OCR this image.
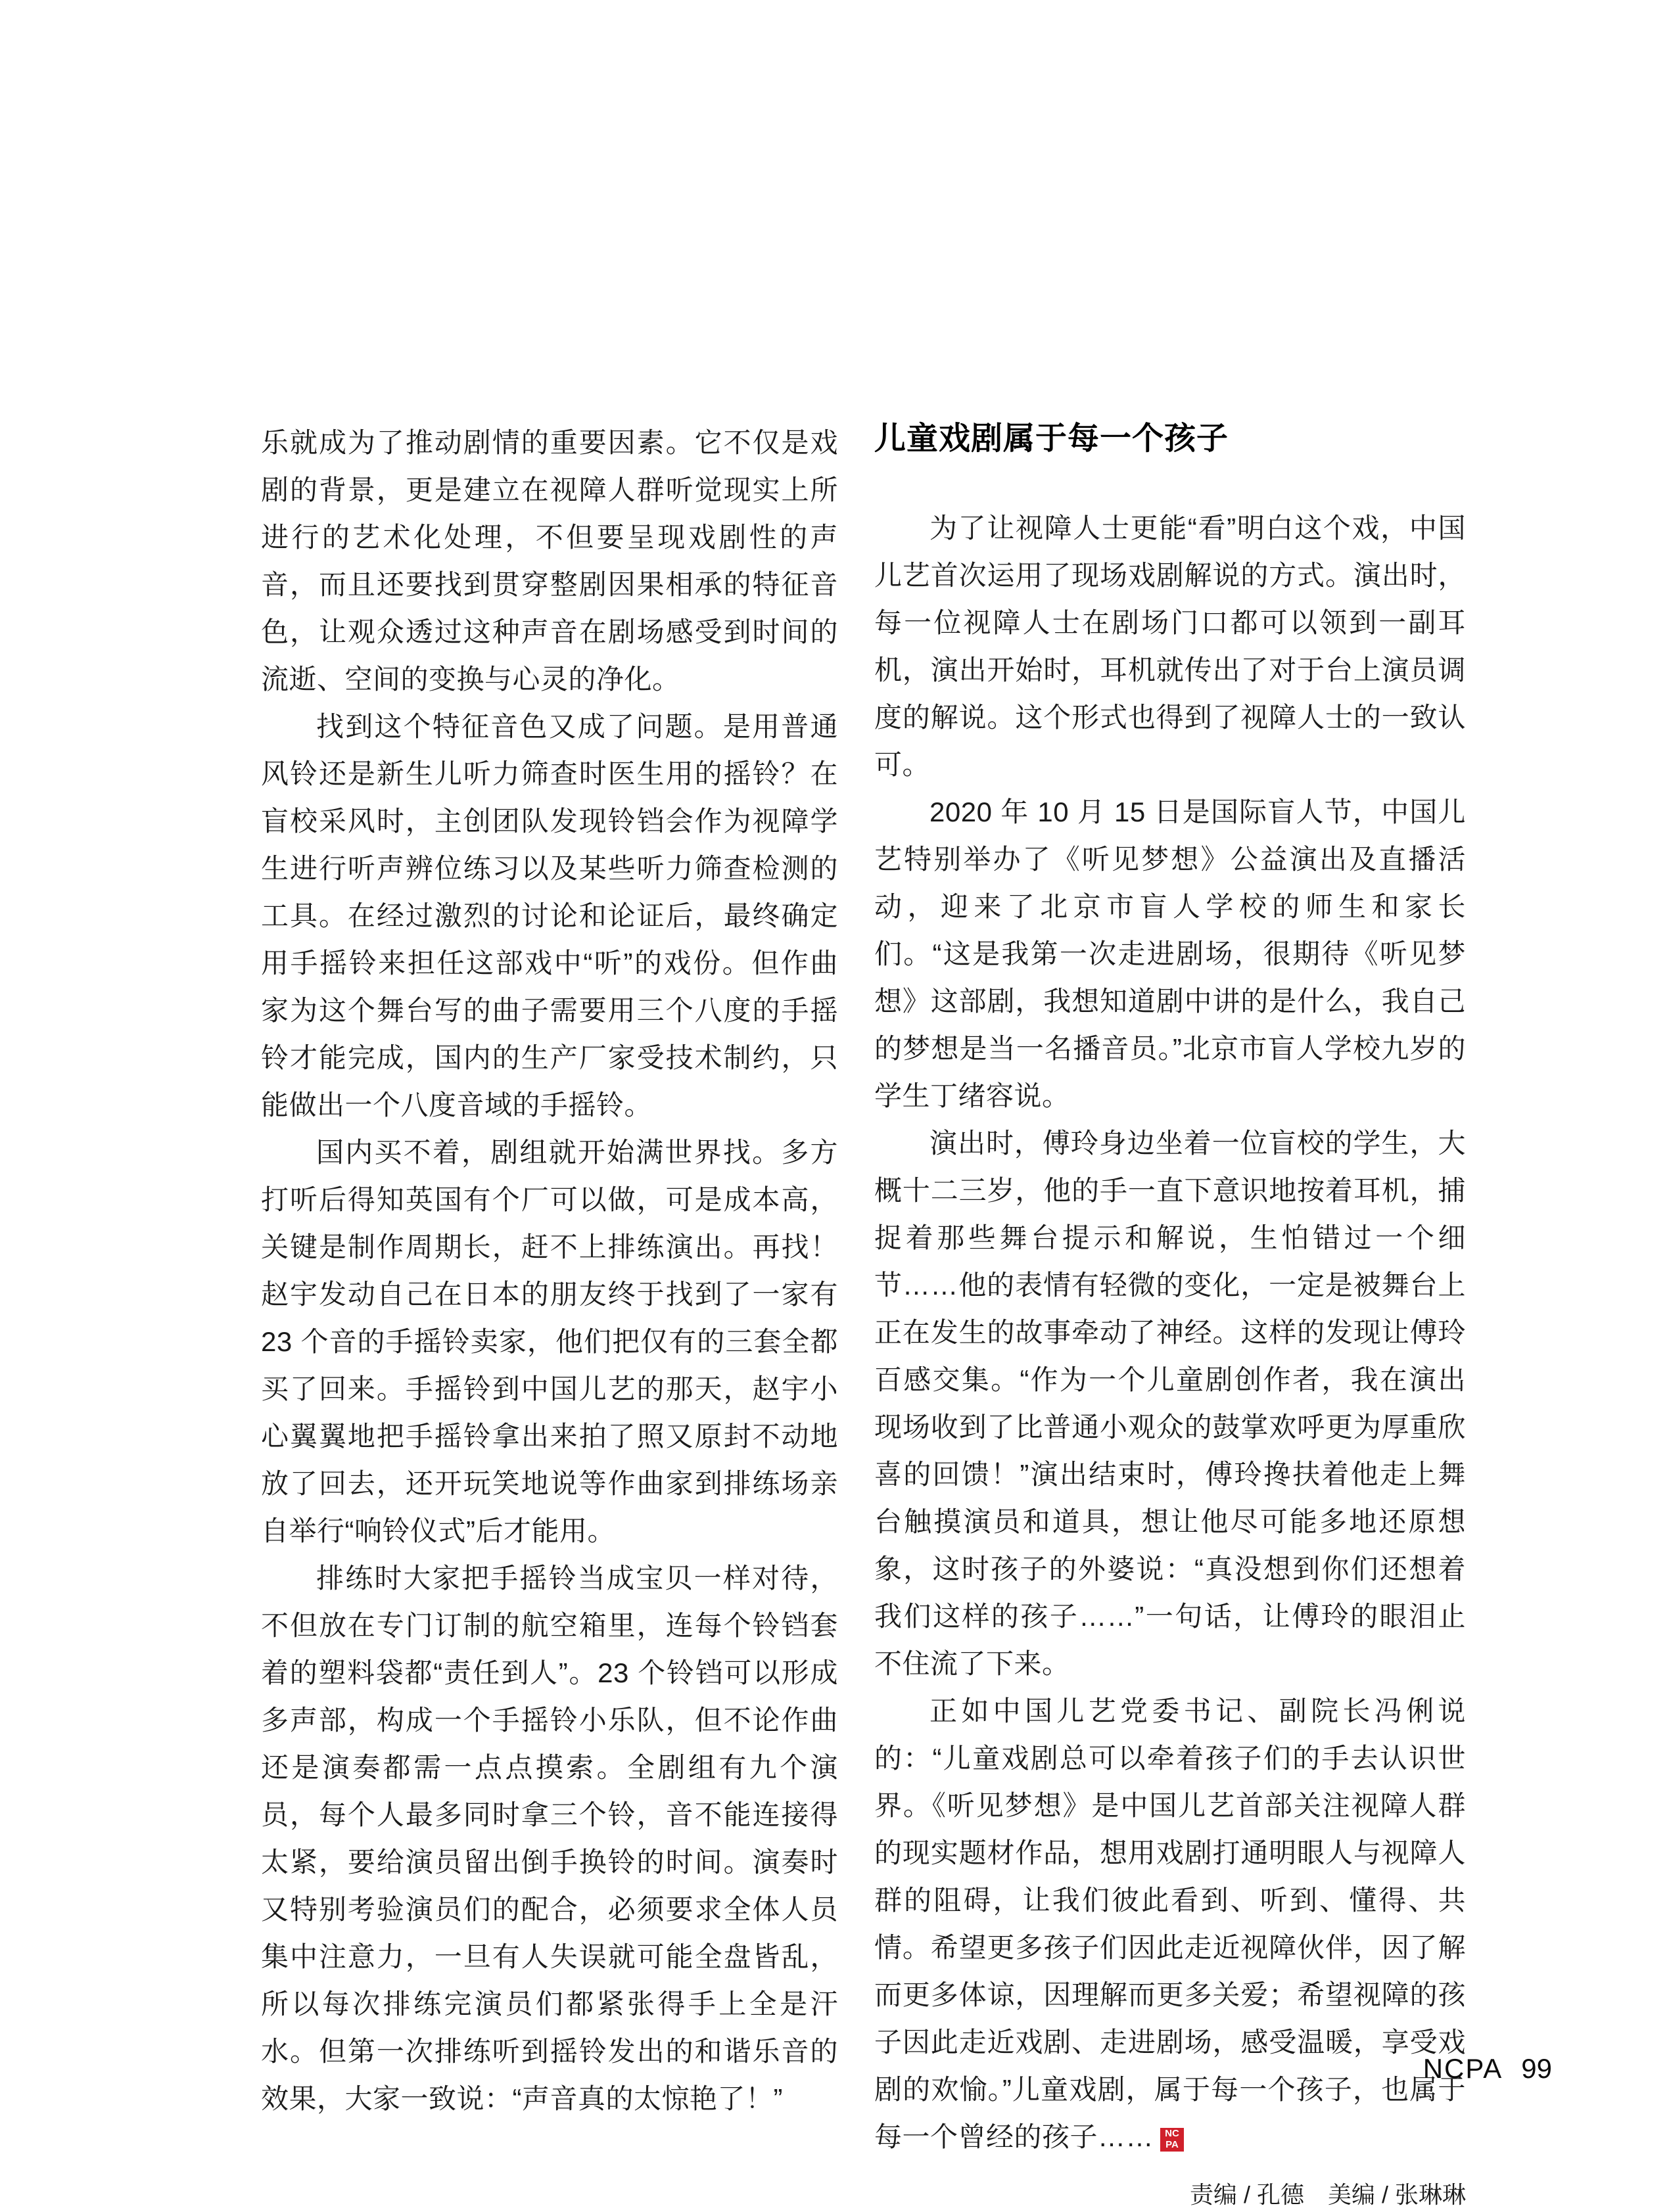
乐就成为了推动剧情的重要因素。它不仅是戏剧的背景，更是建立在视障人群听觉现实上所进行的艺术化处理，不但要呈现戏剧性的声音，而且还要找到贯穿整剧因果相承的特征音色，让观众透过这种声音在剧场感受到时间的流逝、空间的变换与心灵的净化。

找到这个特征音色又成了问题。是用普通风铃还是新生儿听力筛查时医生用的摇铃？在盲校采风时，主创团队发现铃铛会作为视障学生进行听声辨位练习以及某些听力筛查检测的工具。在经过激烈的讨论和论证后，最终确定用手摇铃来担任这部戏中“听”的戏份。但作曲家为这个舞台写的曲子需要用三个八度的手摇铃才能完成，国内的生产厂家受技术制约，只能做出一个八度音域的手摇铃。

国内买不着，剧组就开始满世界找。多方打听后得知英国有个厂可以做，可是成本高，关键是制作周期长，赶不上排练演出。再找！赵宇发动自己在日本的朋友终于找到了一家有 23 个音的手摇铃卖家，他们把仅有的三套全都买了回来。手摇铃到中国儿艺的那天，赵宇小心翼翼地把手摇铃拿出来拍了照又原封不动地放了回去，还开玩笑地说等作曲家到排练场亲自举行“响铃仪式”后才能用。

排练时大家把手摇铃当成宝贝一样对待，不但放在专门订制的航空箱里，连每个铃铛套着的塑料袋都“责任到人”。23 个铃铛可以形成多声部，构成一个手摇铃小乐队，但不论作曲还是演奏都需一点点摸索。全剧组有九个演员，每个人最多同时拿三个铃，音不能连接得太紧，要给演员留出倒手换铃的时间。演奏时又特别考验演员们的配合，必须要求全体人员集中注意力，一旦有人失误就可能全盘皆乱，所以每次排练完演员们都紧张得手上全是汗水。但第一次排练听到摇铃发出的和谐乐音的效果，大家一致说：“声音真的太惊艳了！”

儿童戏剧属于每一个孩子

为了让视障人士更能“看”明白这个戏，中国儿艺首次运用了现场戏剧解说的方式。演出时，每一位视障人士在剧场门口都可以领到一副耳机，演出开始时，耳机就传出了对于台上演员调度的解说。这个形式也得到了视障人士的一致认可。

2020 年 10 月 15 日是国际盲人节，中国儿艺特别举办了《听见梦想》公益演出及直播活动，迎来了北京市盲人学校的师生和家长们。“这是我第一次走进剧场，很期待《听见梦想》这部剧，我想知道剧中讲的是什么，我自己的梦想是当一名播音员。”北京市盲人学校九岁的学生丁绪容说。

演出时，傅玲身边坐着一位盲校的学生，大概十二三岁，他的手一直下意识地按着耳机，捕捉着那些舞台提示和解说，生怕错过一个细节……他的表情有轻微的变化，一定是被舞台上正在发生的故事牵动了神经。这样的发现让傅玲百感交集。“作为一个儿童剧创作者，我在演出现场收到了比普通小观众的鼓掌欢呼更为厚重欣喜的回馈！”演出结束时，傅玲搀扶着他走上舞台触摸演员和道具，想让他尽可能多地还原想象，这时孩子的外婆说：“真没想到你们还想着我们这样的孩子……”一句话，让傅玲的眼泪止不住流了下来。

正如中国儿艺党委书记、副院长冯俐说的：“儿童戏剧总可以牵着孩子们的手去认识世界。《听见梦想》是中国儿艺首部关注视障人群的现实题材作品，想用戏剧打通明眼人与视障人群的阻碍，让我们彼此看到、听到、懂得、共情。希望更多孩子们因此走近视障伙伴，因了解而更多体谅，因理解而更多关爱；希望视障的孩子因此走近戏剧、走进剧场，感受温暖，享受戏剧的欢愉。”儿童戏剧，属于每一个孩子，也属于每一个曾经的孩子……	NC
PA

责编 / 孔德　美编 / 张琳琳

NCPA 99
